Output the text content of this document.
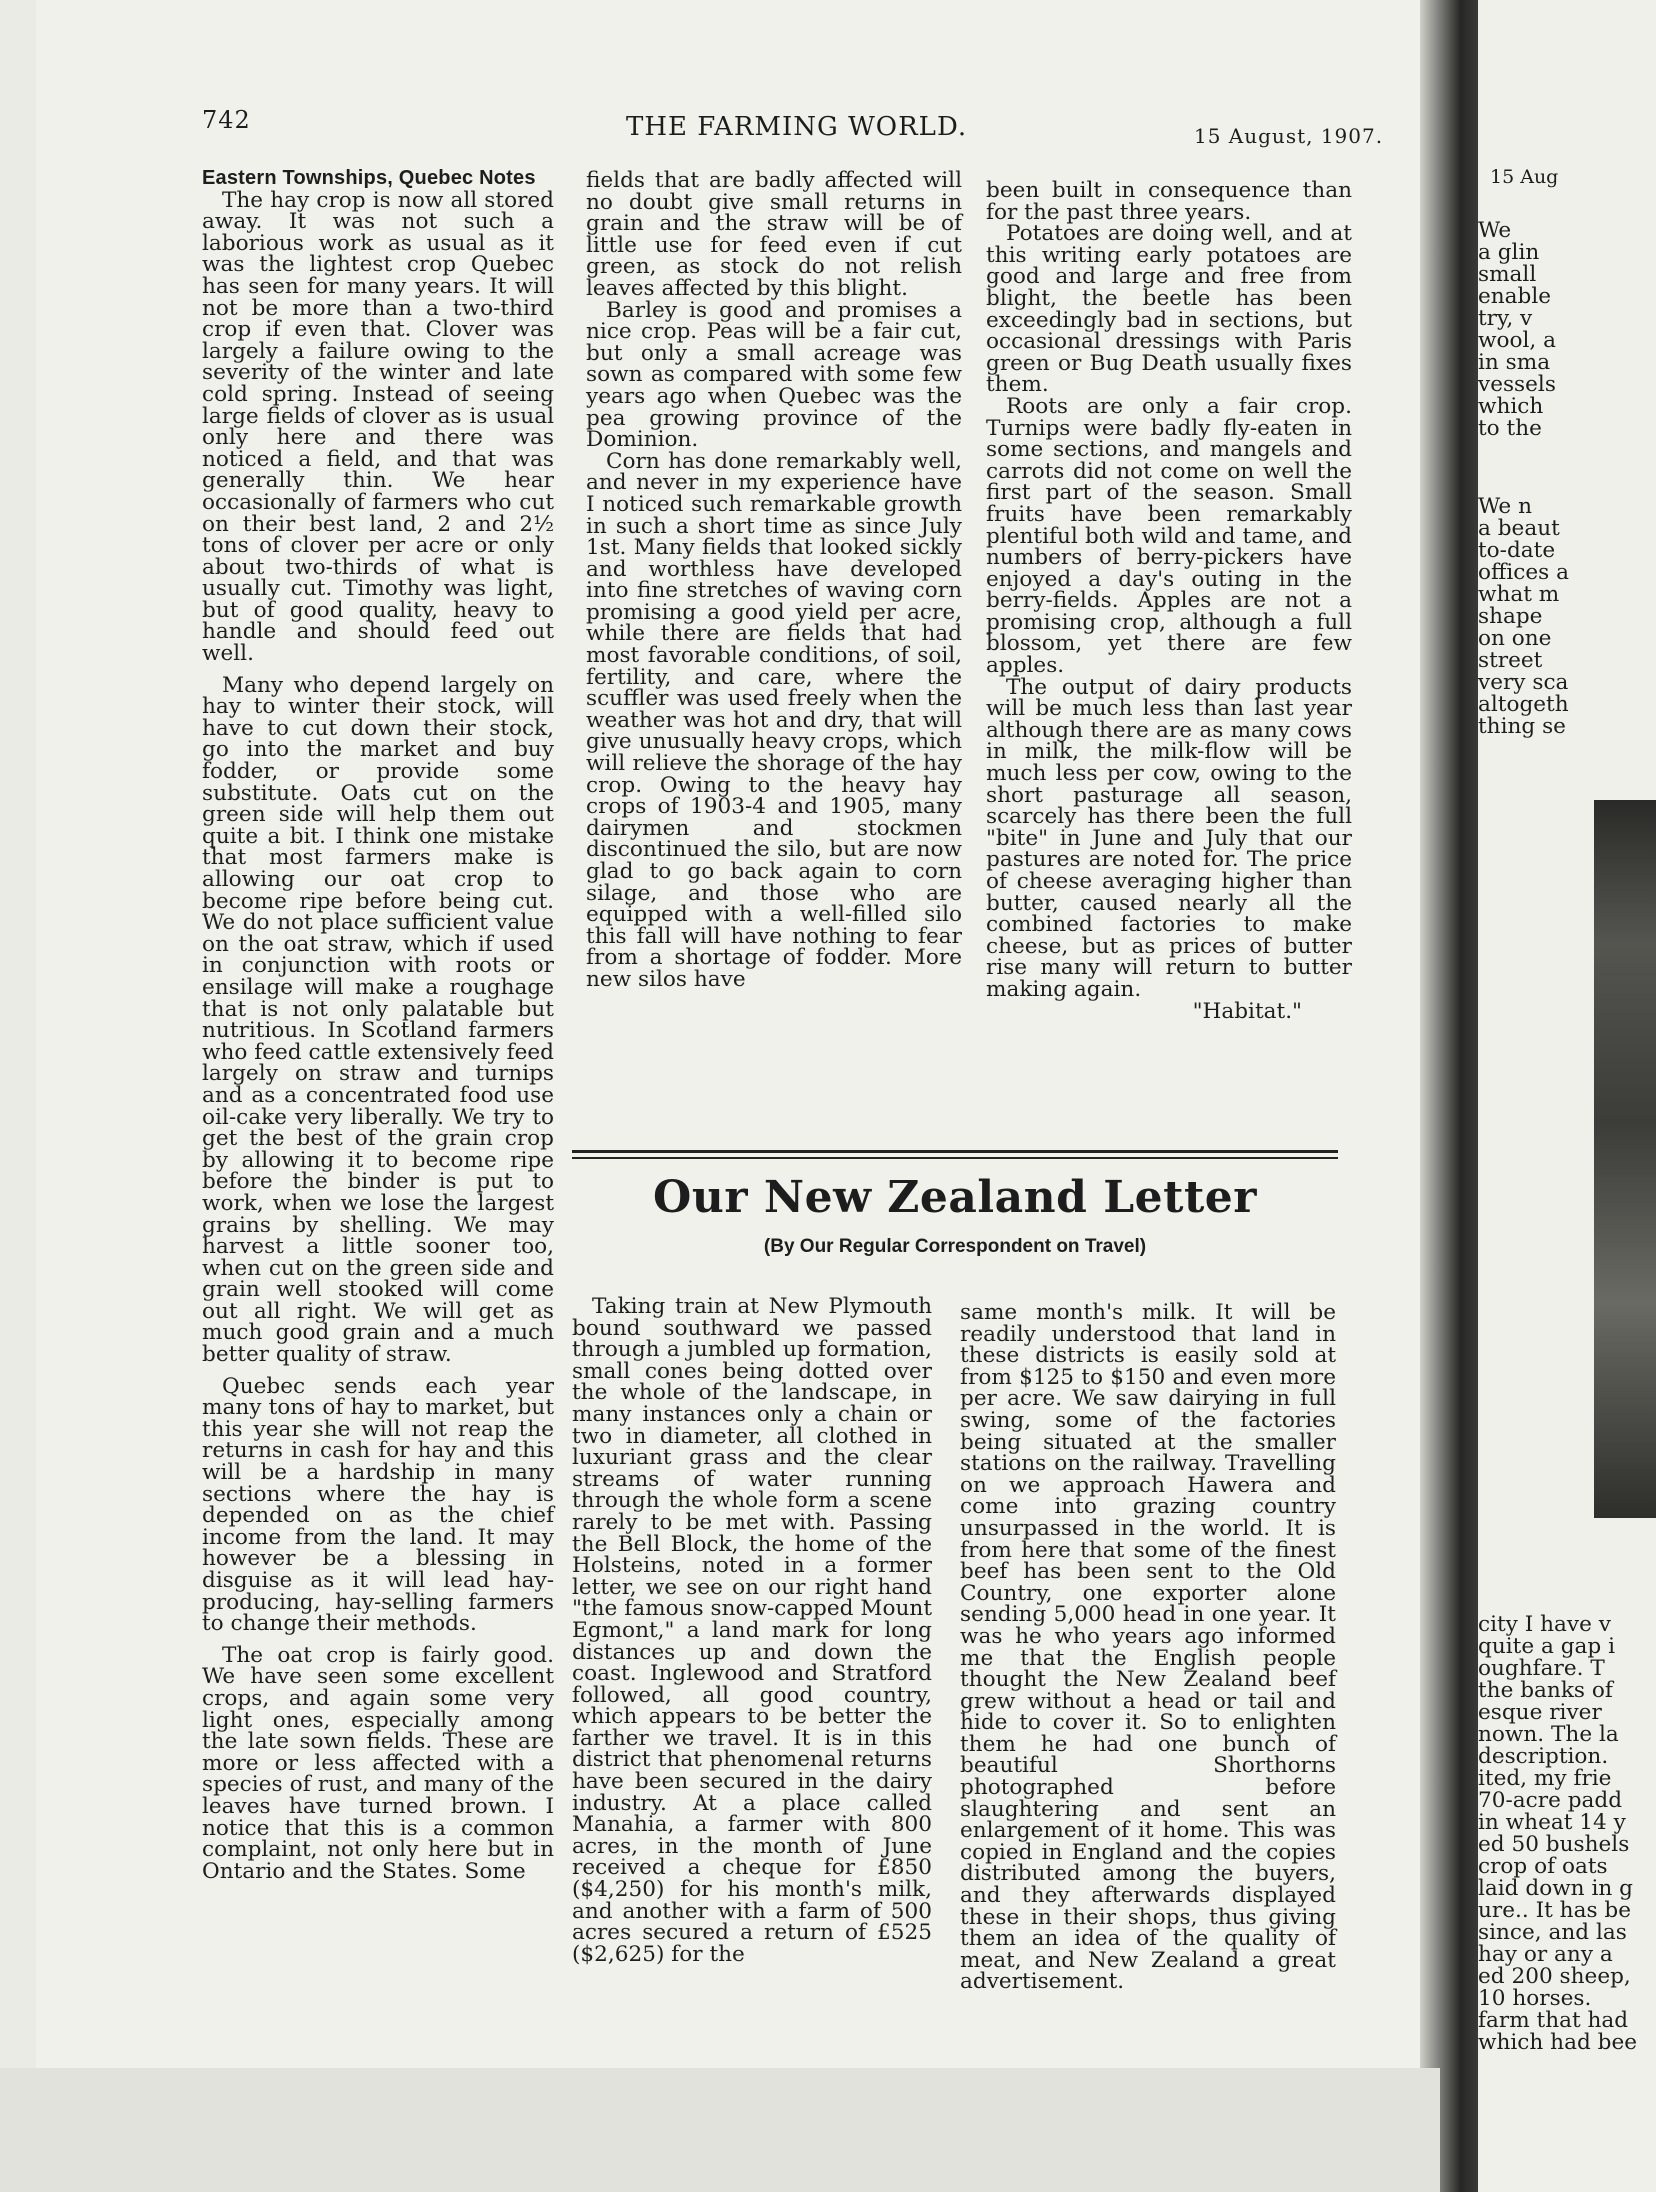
742	THE FARMING WORLD.	15 August, 1907.
Eastern Townships, Quebec Notes

The hay crop is now all stored away. It was not such a laborious work as usual as it was the lightest crop Quebec has seen for many years. It will not be more than a two-third crop if even that. Clover was largely a failure owing to the severity of the winter and late cold spring. Instead of seeing large fields of clover as is usual only here and there was noticed a field, and that was generally thin. We hear occasionally of farmers who cut on their best land, 2 and 2½ tons of clover per acre or only about two-thirds of what is usually cut. Timothy was light, but of good quality, heavy to handle and should feed out well.

Many who depend largely on hay to winter their stock, will have to cut down their stock, go into the market and buy fodder, or provide some substitute. Oats cut on the green side will help them out quite a bit. I think one mistake that most farmers make is allowing our oat crop to become ripe before being cut. We do not place sufficient value on the oat straw, which if used in conjunction with roots or ensilage will make a roughage that is not only palatable but nutritious. In Scotland farmers who feed cattle extensively feed largely on straw and turnips and as a concentrated food use oil-cake very liberally. We try to get the best of the grain crop by allowing it to become ripe before the binder is put to work, when we lose the largest grains by shelling. We may harvest a little sooner too, when cut on the green side and grain well stooked will come out all right. We will get as much good grain and a much better quality of straw.

Quebec sends each year many tons of hay to market, but this year she will not reap the returns in cash for hay and this will be a hardship in many sections where the hay is depended on as the chief income from the land. It may however be a blessing in disguise as it will lead hay-producing, hay-selling farmers to change their methods.

The oat crop is fairly good. We have seen some excellent crops, and again some very light ones, especially among the late sown fields. These are more or less affected with a species of rust, and many of the leaves have turned brown. I notice that this is a common complaint, not only here but in Ontario and the States. Some

fields that are badly affected will no doubt give small returns in grain and the straw will be of little use for feed even if cut green, as stock do not relish leaves affected by this blight.

Barley is good and promises a nice crop. Peas will be a fair cut, but only a small acreage was sown as compared with some few years ago when Quebec was the pea growing province of the Dominion.

Corn has done remarkably well, and never in my experience have I noticed such remarkable growth in such a short time as since July 1st. Many fields that looked sickly and worthless have developed into fine stretches of waving corn promising a good yield per acre, while there are fields that had most favorable conditions, of soil, fertility, and care, where the scuffler was used freely when the weather was hot and dry, that will give unusually heavy crops, which will relieve the shorage of the hay crop. Owing to the heavy hay crops of 1903-4 and 1905, many dairymen and stockmen discontinued the silo, but are now glad to go back again to corn silage, and those who are equipped with a well-filled silo this fall will have nothing to fear from a shortage of fodder. More new silos have

been built in consequence than for the past three years.

Potatoes are doing well, and at this writing early potatoes are good and large and free from blight, the beetle has been exceedingly bad in sections, but occasional dressings with Paris green or Bug Death usually fixes them.

Roots are only a fair crop. Turnips were badly fly-eaten in some sections, and mangels and carrots did not come on well the first part of the season. Small fruits have been remarkably plentiful both wild and tame, and numbers of berry-pickers have enjoyed a day's outing in the berry-fields. Apples are not a promising crop, although a full blossom, yet there are few apples.

The output of dairy products will be much less than last year although there are as many cows in milk, the milk-flow will be much less per cow, owing to the short pasturage all season, scarcely has there been the full "bite" in June and July that our pastures are noted for. The price of cheese averaging higher than butter, caused nearly all the combined factories to make cheese, but as prices of butter rise many will return to butter making again.

"Habitat."
Our New Zealand Letter
(By Our Regular Correspondent on Travel)

Taking train at New Plymouth bound southward we passed through a jumbled up formation, small cones being dotted over the whole of the landscape, in many instances only a chain or two in diameter, all clothed in luxuriant grass and the clear streams of water running through the whole form a scene rarely to be met with. Passing the Bell Block, the home of the Holsteins, noted in a former letter, we see on our right hand "the famous snow-capped Mount Egmont," a land mark for long distances up and down the coast. Inglewood and Stratford followed, all good country, which appears to be better the farther we travel. It is in this district that phenomenal returns have been secured in the dairy industry. At a place called Manahia, a farmer with 800 acres, in the month of June received a cheque for £850 ($4,250) for his month's milk, and another with a farm of 500 acres secured a return of £525 ($2,625) for the

same month's milk. It will be readily understood that land in these districts is easily sold at from $125 to $150 and even more per acre. We saw dairying in full swing, some of the factories being situated at the smaller stations on the railway. Travelling on we approach Hawera and come into grazing country unsurpassed in the world. It is from here that some of the finest beef has been sent to the Old Country, one exporter alone sending 5,000 head in one year. It was he who years ago informed me that the English people thought the New Zealand beef grew without a head or tail and hide to cover it. So to enlighten them he had one bunch of beautiful Shorthorns photographed before slaughtering and sent an enlargement of it home. This was copied in England and the copies distributed among the buyers, and they afterwards displayed these in their shops, thus giving them an idea of the quality of meat, and New Zealand a great advertisement.

15 Aug
We
a glin
small
enable
try, v
wool, a
in sma
vessels
which
to the
We n
a beaut
to-date
offices a
what m
shape
on one
street
very sca
altogeth
thing se
city I have v
quite a gap i
oughfare. T
the banks of
esque river
nown. The la
description.
ited, my frie
70-acre padd
in wheat 14 y
ed 50 bushels
crop of oats
laid down in g
ure.. It has be
since, and las
hay or any a
ed 200 sheep,
10 horses.
farm that had
which had bee
